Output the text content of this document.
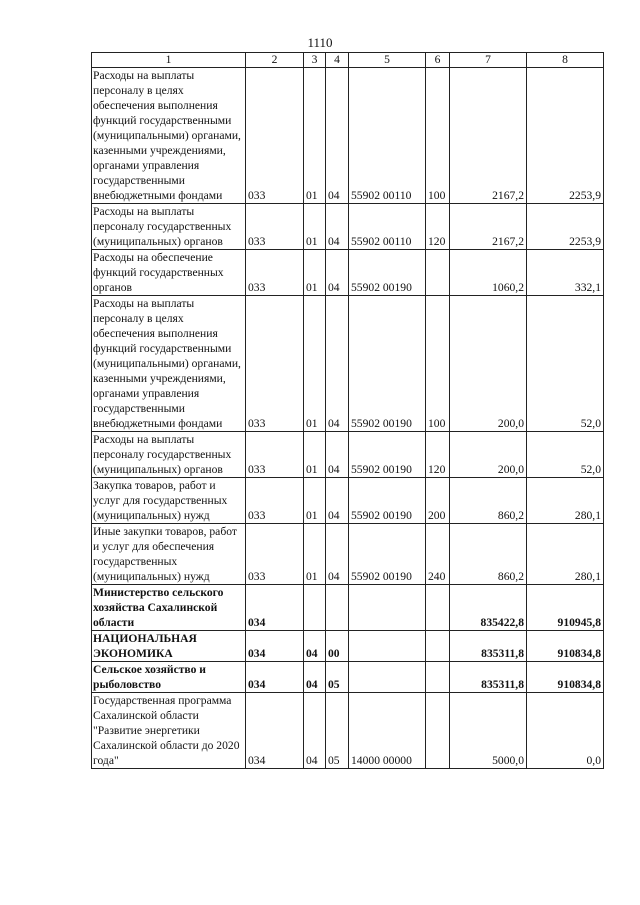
1110
1	2	3	4	5	6	7	8
Расходы на выплаты персоналу в целях обеспечения выполнения функций государственными (муниципальными) органами, казенными учреждениями, органами управления государственными внебюджетными фондами	033	01	04	55902 00110	100	2167,2	2253,9
Расходы на выплаты персоналу государственных (муниципальных) органов	033	01	04	55902 00110	120	2167,2	2253,9
Расходы на обеспечение функций государственных органов	033	01	04	55902 00190		1060,2	332,1
Расходы на выплаты персоналу в целях обеспечения выполнения функций государственными (муниципальными) органами, казенными учреждениями, органами управления государственными внебюджетными фондами	033	01	04	55902 00190	100	200,0	52,0
Расходы на выплаты персоналу государственных (муниципальных) органов	033	01	04	55902 00190	120	200,0	52,0
Закупка товаров, работ и услуг для государственных (муниципальных) нужд	033	01	04	55902 00190	200	860,2	280,1
Иные закупки товаров, работ и услуг для обеспечения государственных (муниципальных) нужд	033	01	04	55902 00190	240	860,2	280,1
Министерство сельского хозяйства Сахалинской области	034					835422,8	910945,8
НАЦИОНАЛЬНАЯ ЭКОНОМИКА	034	04	00			835311,8	910834,8
Сельское хозяйство и рыболовство	034	04	05			835311,8	910834,8
Государственная программа Сахалинской области "Развитие энергетики Сахалинской области до 2020 года"	034	04	05	14000 00000		5000,0	0,0
